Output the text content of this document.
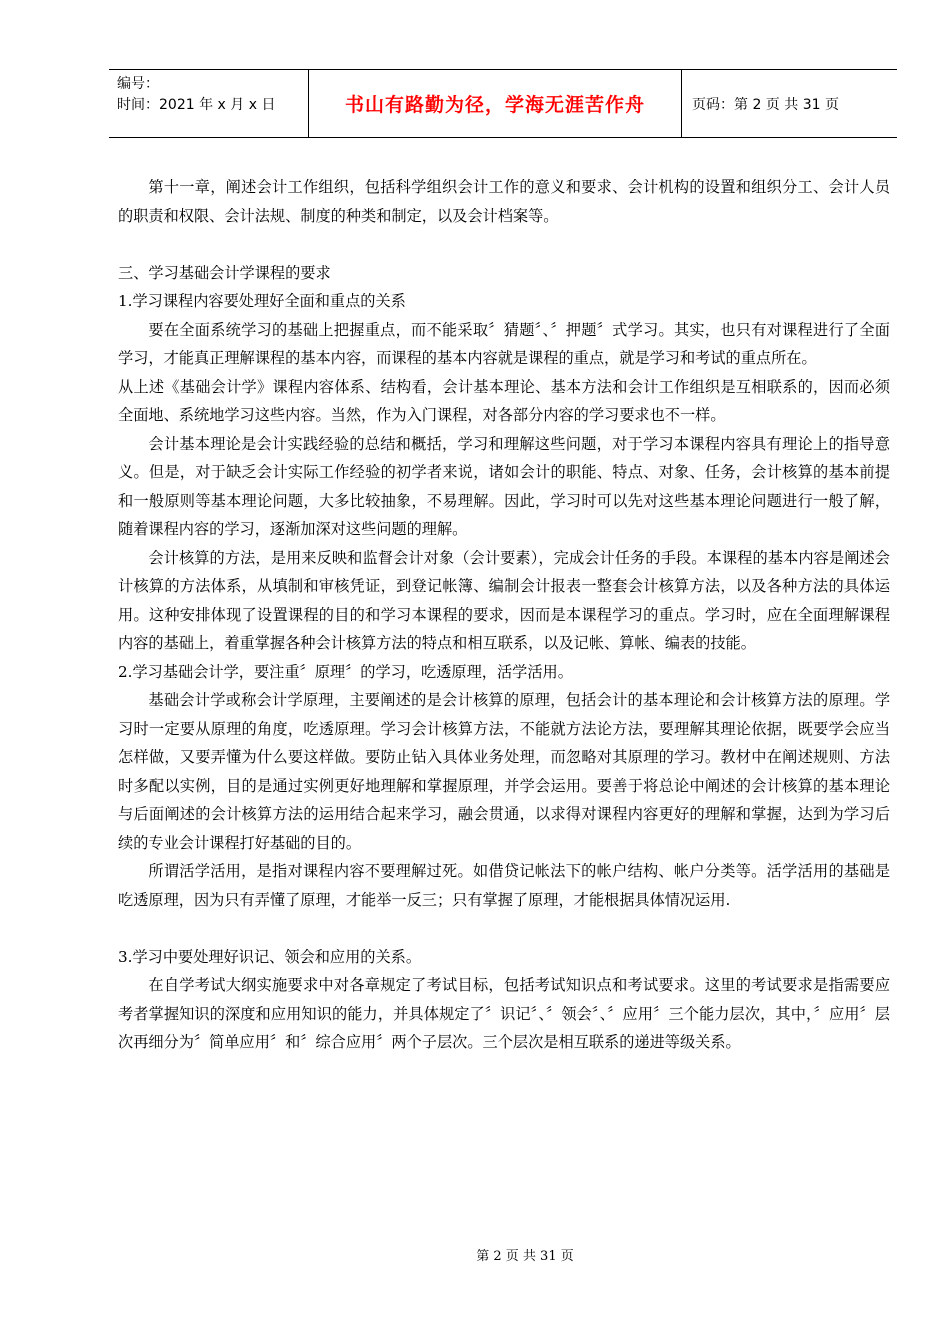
编号：
时间：2021 年 x 月 x 日	书山有路勤为径，学海无涯苦作舟	页码：第 2 页 共 31 页

第十一章，阐述会计工作组织，包括科学组织会计工作的意义和要求、会计机构的设置和组织分工、会计人员的职责和权限、会计法规、制度的种类和制定，以及会计档案等。

三、学习基础会计学课程的要求

1.学习课程内容要处理好全面和重点的关系

要在全面系统学习的基础上把握重点，而不能采取〞猜题〞、〞押题〞式学习。其实，也只有对课程进行了全面学习，才能真正理解课程的基本内容，而课程的基本内容就是课程的重点，就是学习和考试的重点所在。

从上述《基础会计学》课程内容体系、结构看，会计基本理论、基本方法和会计工作组织是互相联系的，因而必须全面地、系统地学习这些内容。当然，作为入门课程，对各部分内容的学习要求也不一样。

会计基本理论是会计实践经验的总结和概括，学习和理解这些问题，对于学习本课程内容具有理论上的指导意义。但是，对于缺乏会计实际工作经验的初学者来说，诸如会计的职能、特点、对象、任务，会计核算的基本前提和一般原则等基本理论问题，大多比较抽象，不易理解。因此，学习时可以先对这些基本理论问题进行一般了解，随着课程内容的学习，逐渐加深对这些问题的理解。

会计核算的方法，是用来反映和监督会计对象（会计要素），完成会计任务的手段。本课程的基本内容是阐述会计核算的方法体系，从填制和审核凭证，到登记帐簿、编制会计报表一整套会计核算方法，以及各种方法的具体运用。这种安排体现了设置课程的目的和学习本课程的要求，因而是本课程学习的重点。学习时，应在全面理解课程内容的基础上，着重掌握各种会计核算方法的特点和相互联系，以及记帐、算帐、编表的技能。

2.学习基础会计学，要注重〞原理〞的学习，吃透原理，活学活用。

基础会计学或称会计学原理，主要阐述的是会计核算的原理，包括会计的基本理论和会计核算方法的原理。学习时一定要从原理的角度，吃透原理。学习会计核算方法，不能就方法论方法，要理解其理论依据，既要学会应当怎样做，又要弄懂为什么要这样做。要防止钻入具体业务处理，而忽略对其原理的学习。教材中在阐述规则、方法时多配以实例，目的是通过实例更好地理解和掌握原理，并学会运用。要善于将总论中阐述的会计核算的基本理论与后面阐述的会计核算方法的运用结合起来学习，融会贯通，以求得对课程内容更好的理解和掌握，达到为学习后续的专业会计课程打好基础的目的。

所谓活学活用，是指对课程内容不要理解过死。如借贷记帐法下的帐户结构、帐户分类等。活学活用的基础是吃透原理，因为只有弄懂了原理，才能举一反三；只有掌握了原理，才能根据具体情况运用.

3.学习中要处理好识记、领会和应用的关系。

在自学考试大纲实施要求中对各章规定了考试目标，包括考试知识点和考试要求。这里的考试要求是指需要应考者掌握知识的深度和应用知识的能力，并具体规定了〞识记〞、〞领会〞、〞应用〞三个能力层次，其中，〞应用〞层次再细分为〞简单应用〞和〞综合应用〞两个子层次。三个层次是相互联系的递进等级关系。

第 2 页 共 31 页
